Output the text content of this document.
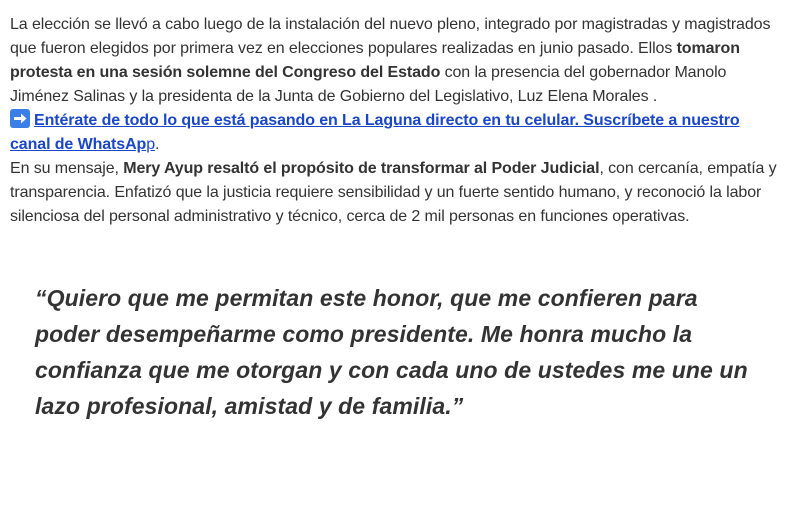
La elección se llevó a cabo luego de la instalación del nuevo pleno, integrado por magistradas y magistrados que fueron elegidos por primera vez en elecciones populares realizadas en junio pasado. Ellos tomaron protesta en una sesión solemne del Congreso del Estado con la presencia del gobernador Manolo Jiménez Salinas y la presidenta de la Junta de Gobierno del Legislativo, Luz Elena Morales .

Entérate de todo lo que está pasando en La Laguna directo en tu celular. Suscríbete a nuestro canal de WhatsApp.

En su mensaje, Mery Ayup resaltó el propósito de transformar al Poder Judicial, con cercanía, empatía y transparencia. Enfatizó que la justicia requiere sensibilidad y un fuerte sentido humano, y reconoció la labor silenciosa del personal administrativo y técnico, cerca de 2 mil personas en funciones operativas.

“Quiero que me permitan este honor, que me confieren para poder desempeñarme como presidente. Me honra mucho la confianza que me otorgan y con cada uno de ustedes me une un lazo profesional, amistad y de familia.”
